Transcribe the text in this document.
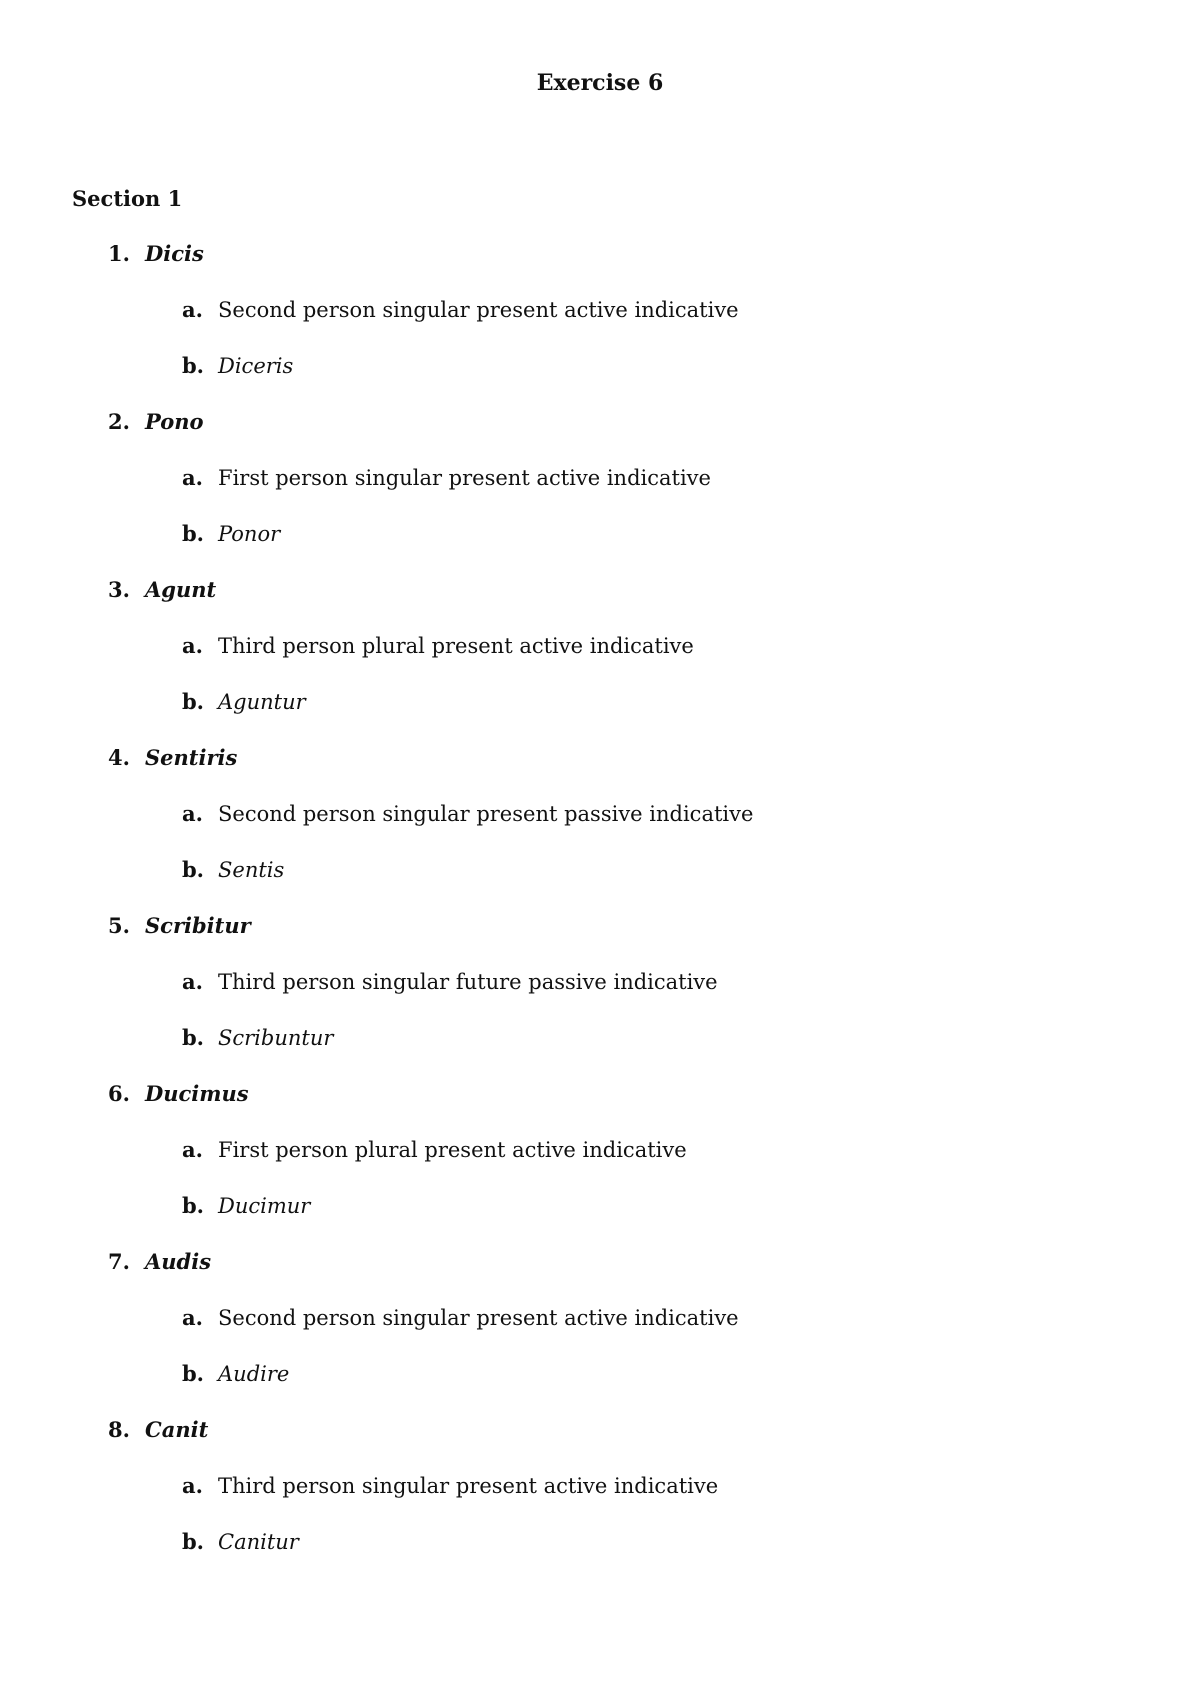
Exercise 6
Section 1
1. Dicis
a. Second person singular present active indicative
b. Diceris
2. Pono
a. First person singular present active indicative
b. Ponor
3. Agunt
a. Third person plural present active indicative
b. Aguntur
4. Sentiris
a. Second person singular present passive indicative
b. Sentis
5. Scribitur
a. Third person singular future passive indicative
b. Scribuntur
6. Ducimus
a. First person plural present active indicative
b. Ducimur
7. Audis
a. Second person singular present active indicative
b. Audire
8. Canit
a. Third person singular present active indicative
b. Canitur
